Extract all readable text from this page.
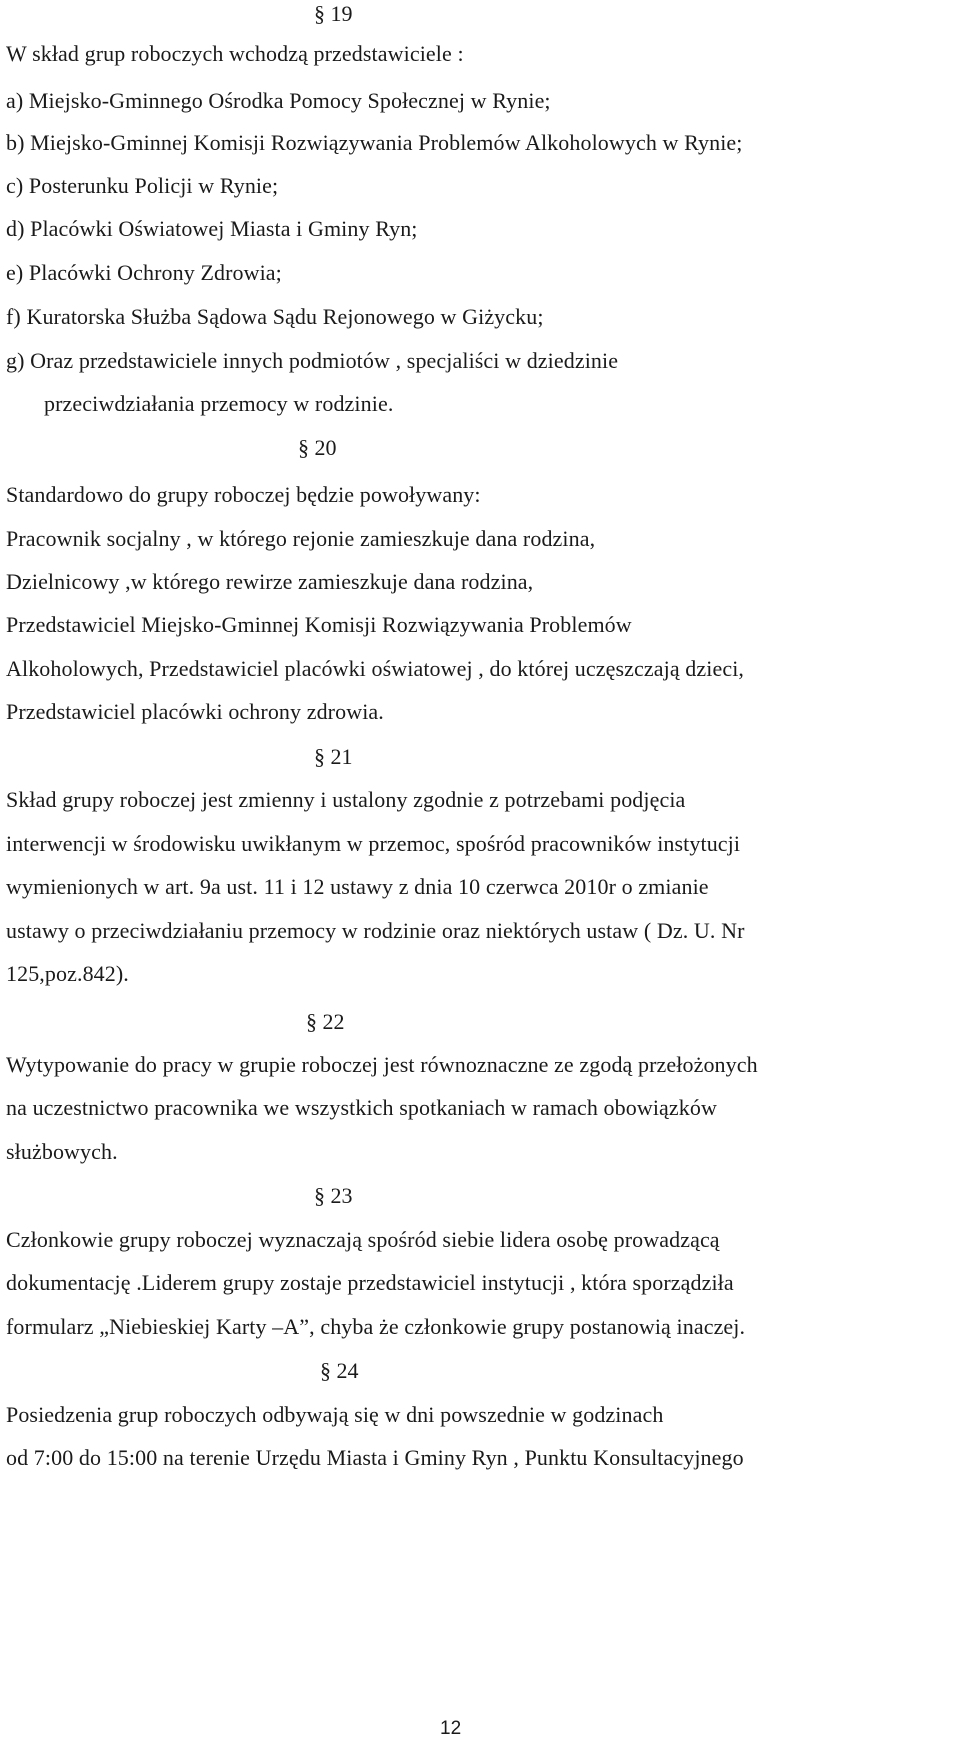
§ 19
W skład grup roboczych wchodzą przedstawiciele :
a) Miejsko-Gminnego Ośrodka Pomocy Społecznej w Rynie;
b) Miejsko-Gminnej Komisji Rozwiązywania Problemów Alkoholowych w Rynie;
c) Posterunku Policji w Rynie;
d) Placówki Oświatowej Miasta i Gminy Ryn;
e) Placówki Ochrony Zdrowia;
f) Kuratorska Służba Sądowa Sądu Rejonowego w Giżycku;
g) Oraz przedstawiciele innych podmiotów , specjaliści w dziedzinie
przeciwdziałania przemocy w rodzinie.
§ 20
Standardowo do grupy roboczej będzie powoływany:
Pracownik socjalny , w którego rejonie zamieszkuje dana rodzina,
Dzielnicowy ,w którego rewirze zamieszkuje dana rodzina,
Przedstawiciel Miejsko-Gminnej Komisji Rozwiązywania Problemów
Alkoholowych, Przedstawiciel placówki oświatowej , do której uczęszczają dzieci,
Przedstawiciel placówki ochrony zdrowia.
§ 21
Skład grupy roboczej jest zmienny i ustalony zgodnie z potrzebami podjęcia
interwencji w środowisku uwikłanym w przemoc, spośród pracowników instytucji
wymienionych w art. 9a ust. 11 i 12 ustawy z dnia 10 czerwca 2010r o zmianie
ustawy o przeciwdziałaniu przemocy w rodzinie oraz niektórych ustaw ( Dz. U. Nr
125,poz.842).
§ 22
Wytypowanie do pracy w grupie roboczej jest równoznaczne ze zgodą przełożonych
na uczestnictwo pracownika we wszystkich spotkaniach w ramach obowiązków
służbowych.
§ 23
Członkowie grupy roboczej wyznaczają spośród siebie lidera osobę prowadzącą
dokumentację .Liderem grupy zostaje przedstawiciel instytucji , która sporządziła
formularz „Niebieskiej Karty –A”, chyba że członkowie grupy postanowią inaczej.
§ 24
Posiedzenia grup roboczych odbywają się w dni powszednie w godzinach
od 7:00 do 15:00 na terenie Urzędu Miasta i Gminy Ryn , Punktu Konsultacyjnego
12
